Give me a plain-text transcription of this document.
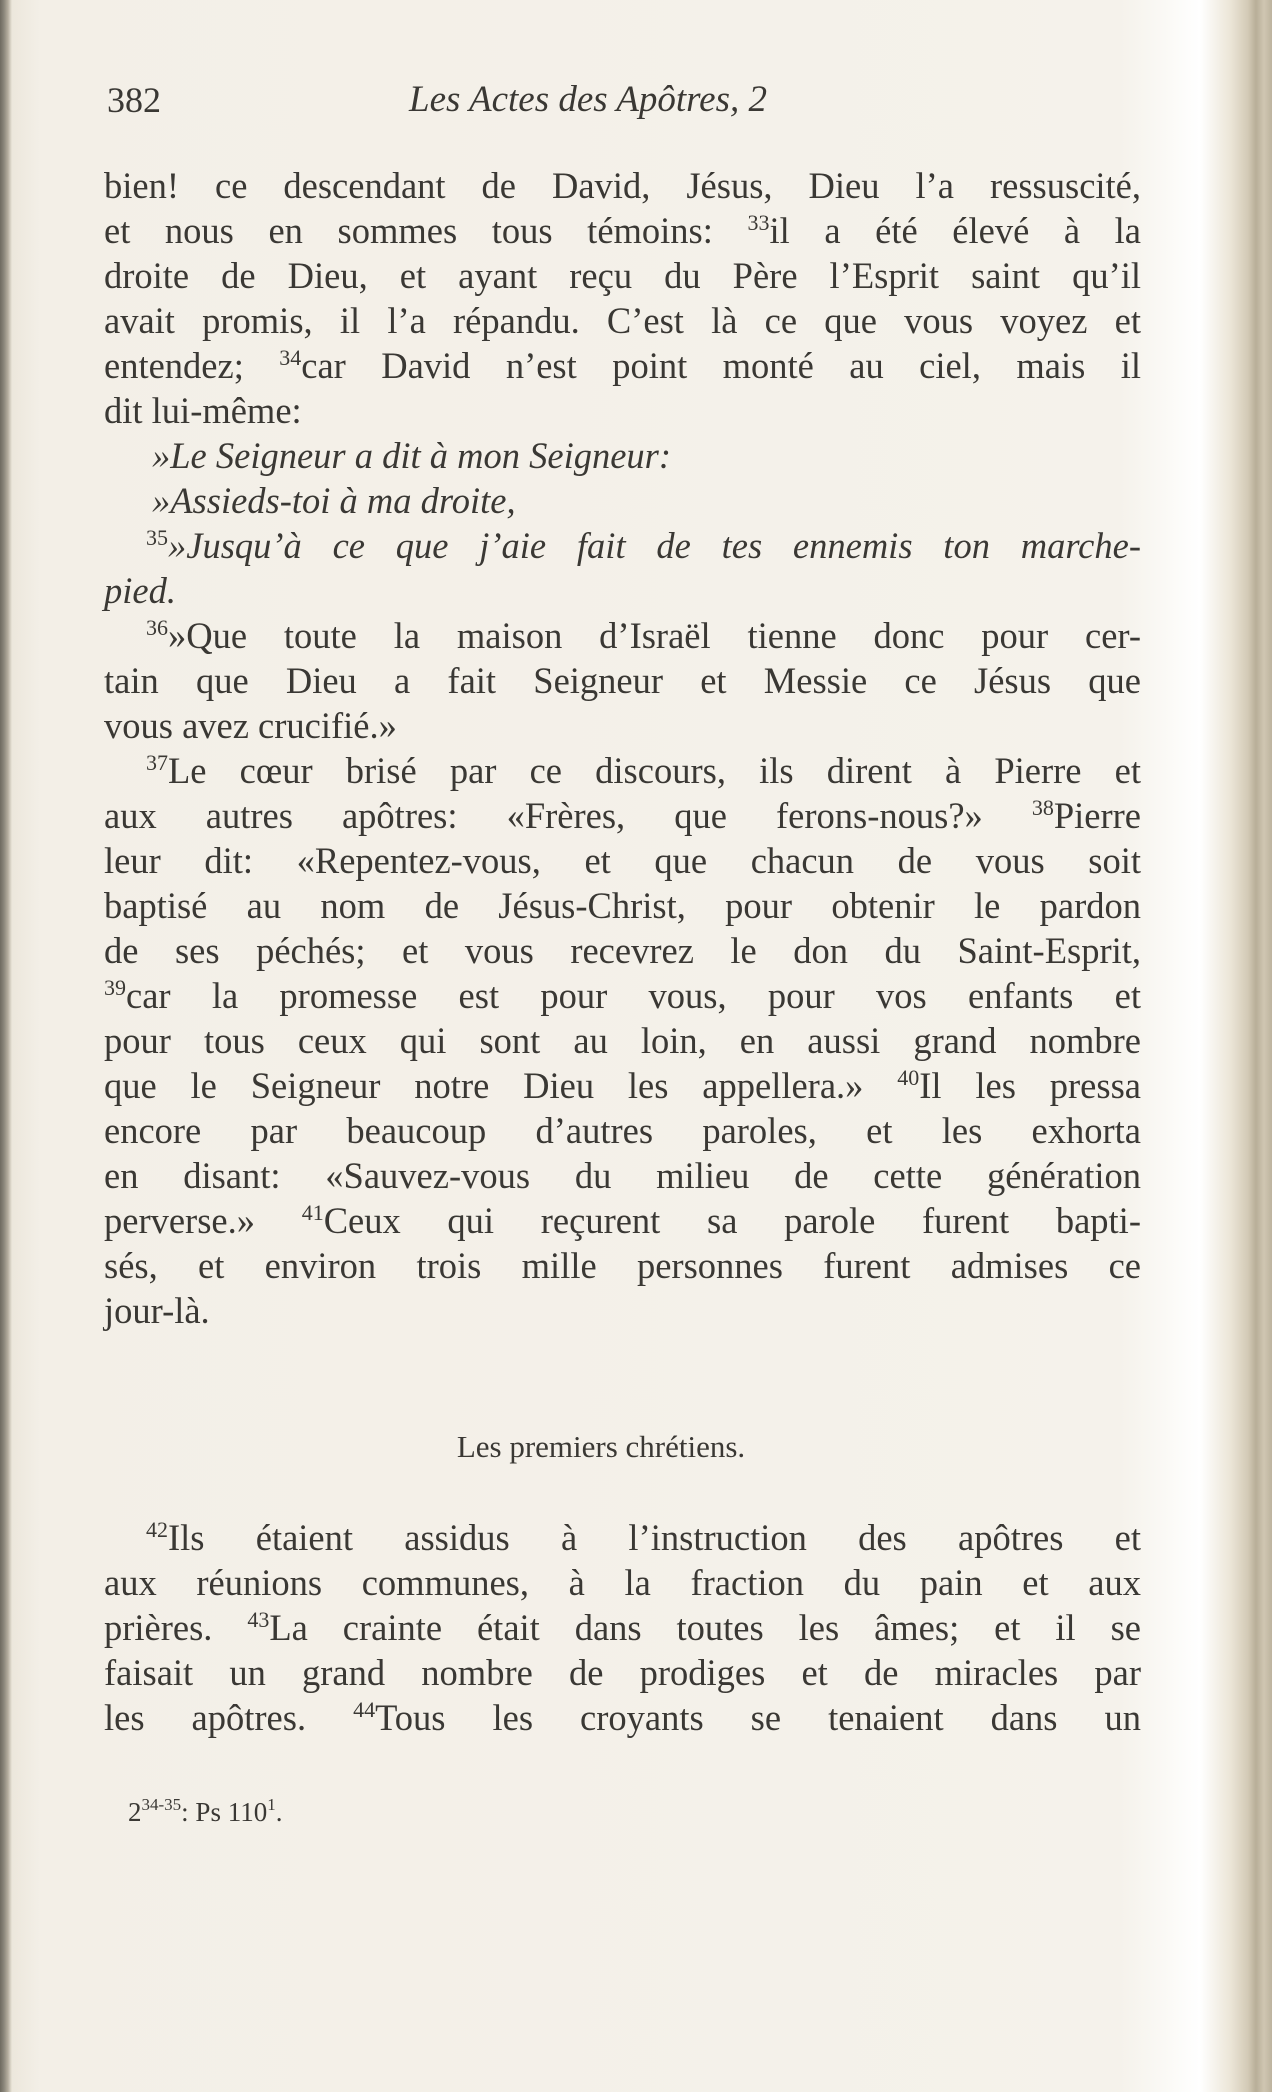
382	Les Actes des Apôtres, 2
bien! ce descendant de David, Jésus, Dieu l’a ressuscité,
et nous en sommes tous témoins: $^{33}$il a été élevé à la
droite de Dieu, et ayant reçu du Père l’Esprit saint qu’il
avait promis, il l’a répandu. C’est là ce que vous voyez et
entendez; $^{34}$car David n’est point monté au ciel, mais il
dit lui-même:
»Le Seigneur a dit à mon Seigneur:
»Assieds-toi à ma droite,
$^{35}$»Jusqu’à ce que j’aie fait de tes ennemis ton marche-
pied.
$^{36}$»Que toute la maison d’Israël tienne donc pour cer-
tain que Dieu a fait Seigneur et Messie ce Jésus que
vous avez crucifié.»
$^{37}$Le cœur brisé par ce discours, ils dirent à Pierre et
aux autres apôtres: «Frères, que ferons-nous?» $^{38}$Pierre
leur dit: «Repentez-vous, et que chacun de vous soit
baptisé au nom de Jésus-Christ, pour obtenir le pardon
de ses péchés; et vous recevrez le don du Saint-Esprit,
$^{39}$car la promesse est pour vous, pour vos enfants et
pour tous ceux qui sont au loin, en aussi grand nombre
que le Seigneur notre Dieu les appellera.» $^{40}$Il les pressa
encore par beaucoup d’autres paroles, et les exhorta
en disant: «Sauvez-vous du milieu de cette génération
perverse.» $^{41}$Ceux qui reçurent sa parole furent bapti-
sés, et environ trois mille personnes furent admises ce
jour-là.
Les premiers chrétiens.
$^{42}$Ils étaient assidus à l’instruction des apôtres et
aux réunions communes, à la fraction du pain et aux
prières. $^{43}$La crainte était dans toutes les âmes; et il se
faisait un grand nombre de prodiges et de miracles par
les apôtres. $^{44}$Tous les croyants se tenaient dans un
2$^{34-35}$: Ps $110^1$.
